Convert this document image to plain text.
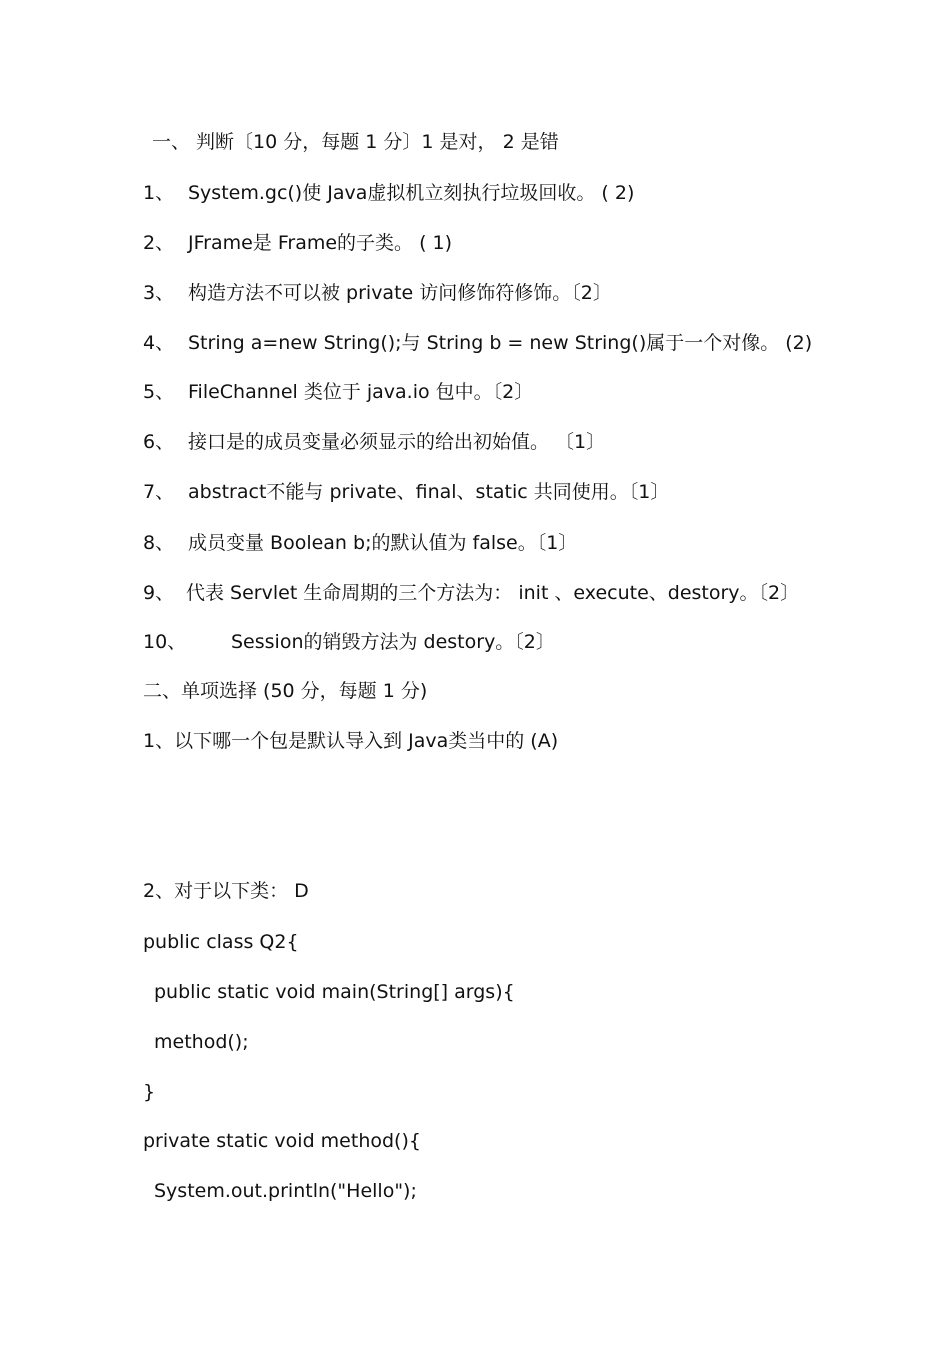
一、 判断〔10 分，每题 1 分〕1 是对， 2 是错
1、 System.gc()使 Java虚拟机立刻执行垃圾回收。 ( 2)
2、 JFrame是 Frame的子类。 ( 1)
3、 构造方法不可以被 private 访问修饰符修饰。〔2〕
4、 String a=new String();与 String b = new String()属于一个对像。 (2)
5、 FileChannel 类位于 java.io 包中。〔2〕
6、 接口是的成员变量必须显示的给出初始值。 〔1〕
7、 abstract不能与 private、final、static 共同使用。〔1〕
8、 成员变量 Boolean b;的默认值为 false。〔1〕
9、 代表 Servlet 生命周期的三个方法为： init 、execute、destory。〔2〕
10、 Session的销毁方法为 destory。〔2〕
二、单项选择 (50 分，每题 1 分)
1、以下哪一个包是默认导入到 Java类当中的 (A)
2、对于以下类： D
public class Q2{
public static void main(String[] args){
method();
}
private static void method(){
System.out.println("Hello");
